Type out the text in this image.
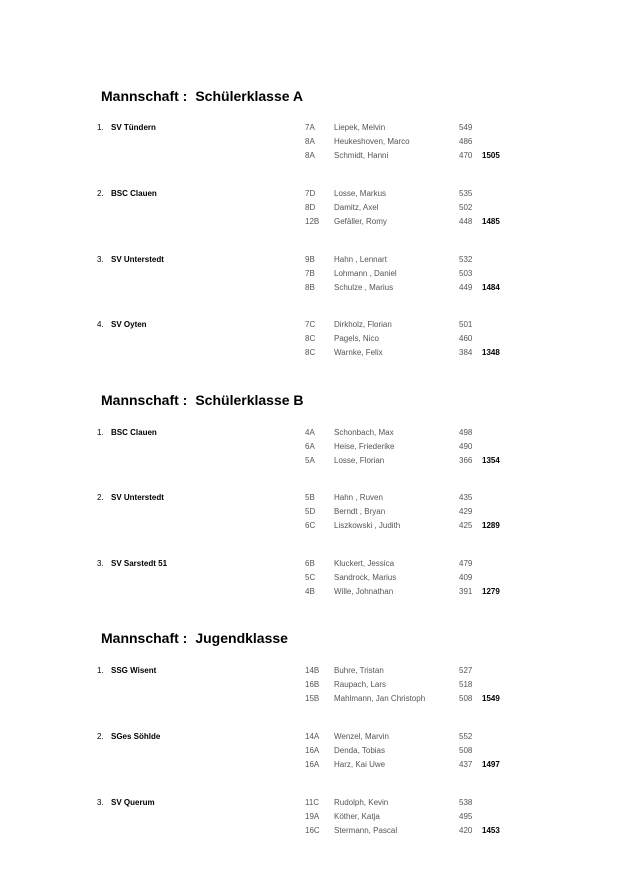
Mannschaft : Schülerklasse A
1. SV Tündern	7A Liepek, Melvin	549
8A Heukeshoven, Marco	486
8A Schmidt, Hanni	470 1505
2. BSC Clauen	7D Losse, Markus	535
8D Damitz, Axel	502
12B Gefäller, Romy	448 1485
3. SV Unterstedt	9B Hahn , Lennart	532
7B Lohmann , Daniel	503
8B Schulze , Marius	449 1484
4. SV Oyten	7C Dirkholz, Florian	501
8C Pagels, Nico	460
8C Warnke, Felix	384 1348
Mannschaft : Schülerklasse B
1. BSC Clauen	4A Schonbach, Max	498
6A Heise, Friederike	490
5A Losse, Florian	366 1354
2. SV Unterstedt	5B Hahn , Ruven	435
5D Berndt , Bryan	429
6C Liszkowski , Judith	425 1289
3. SV Sarstedt 51	6B Kluckert, Jessica	479
5C Sandrock, Marius	409
4B Wille, Johnathan	391 1279
Mannschaft : Jugendklasse
1. SSG Wisent	14B Buhre, Tristan	527
16B Raupach, Lars	518
15B Mahlmann, Jan Christoph	508 1549
2. SGes Söhlde	14A Wenzel, Marvin	552
16A Denda, Tobias	508
16A Harz, Kai Uwe	437 1497
3. SV Querum	11C Rudolph, Kevin	538
19A Köther, Katja	495
16C Stermann, Pascal	420 1453
